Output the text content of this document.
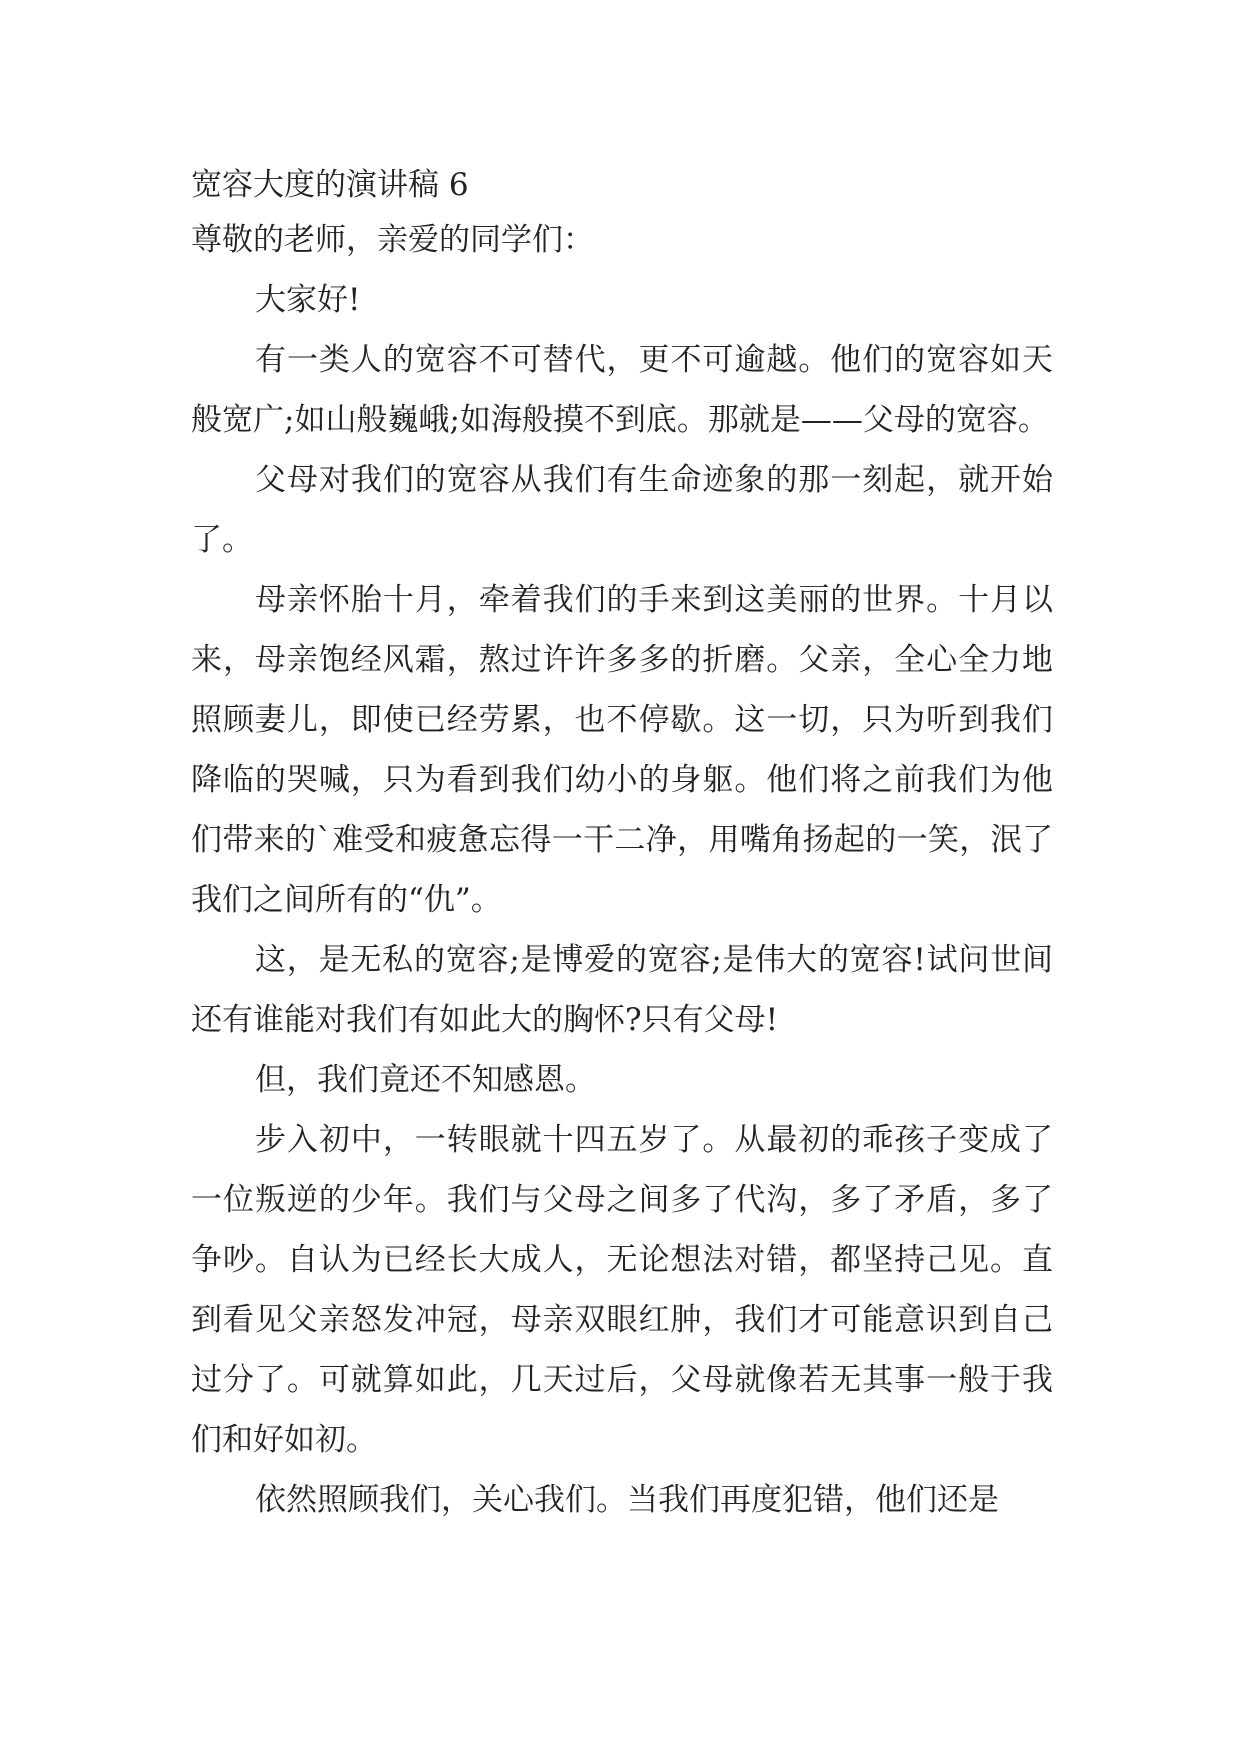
宽容大度的演讲稿 6
尊敬的老师，亲爱的同学们：

大家好!

有一类人的宽容不可替代，更不可逾越。他们的宽容如天般宽广;如山般巍峨;如海般摸不到底。那就是——父母的宽容。

父母对我们的宽容从我们有生命迹象的那一刻起，就开始了。

母亲怀胎十月，牵着我们的手来到这美丽的世界。十月以来，母亲饱经风霜，熬过许许多多的折磨。父亲，全心全力地照顾妻儿，即使已经劳累，也不停歇。这一切，只为听到我们降临的哭喊，只为看到我们幼小的身躯。他们将之前我们为他们带来的`难受和疲惫忘得一干二净，用嘴角扬起的一笑，泯了我们之间所有的“仇”。

这，是无私的宽容;是博爱的宽容;是伟大的宽容!试问世间还有谁能对我们有如此大的胸怀?只有父母!

但，我们竟还不知感恩。

步入初中，一转眼就十四五岁了。从最初的乖孩子变成了一位叛逆的少年。我们与父母之间多了代沟，多了矛盾，多了争吵。自认为已经长大成人，无论想法对错，都坚持己见。直到看见父亲怒发冲冠，母亲双眼红肿，我们才可能意识到自己过分了。可就算如此，几天过后，父母就像若无其事一般于我们和好如初。

依然照顾我们，关心我们。当我们再度犯错，他们还是
